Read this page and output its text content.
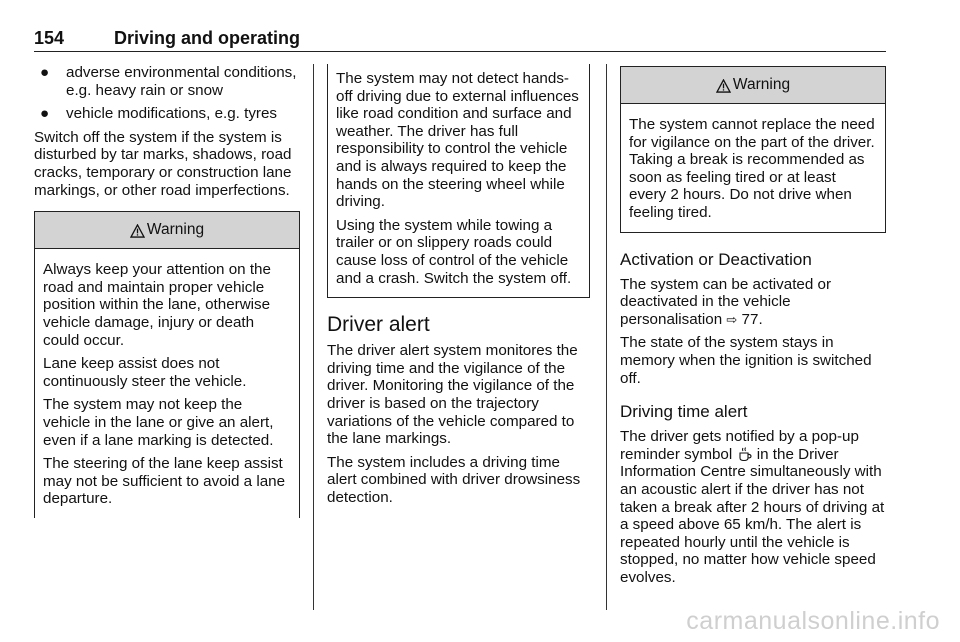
154	Driving and operating
● adverse environmental conditions, e.g. heavy rain or snow
● vehicle modifications, e.g. tyres

Switch off the system if the system is disturbed by tar marks, shadows, road cracks, temporary or construction lane markings, or other road imperfections.

Warning

Always keep your attention on the road and maintain proper vehicle position within the lane, otherwise vehicle damage, injury or death could occur.

Lane keep assist does not continuously steer the vehicle.

The system may not keep the vehicle in the lane or give an alert, even if a lane marking is detected.

The steering of the lane keep assist may not be sufficient to avoid a lane departure.

The system may not detect hands-off driving due to external influences like road condition and surface and weather. The driver has full responsibility to control the vehicle and is always required to keep the hands on the steering wheel while driving.

Using the system while towing a trailer or on slippery roads could cause loss of control of the vehicle and a crash. Switch the system off.

Driver alert

The driver alert system monitores the driving time and the vigilance of the driver. Monitoring the vigilance of the driver is based on the trajectory variations of the vehicle compared to the lane markings.

The system includes a driving time alert combined with driver drowsiness detection.

Warning

The system cannot replace the need for vigilance on the part of the driver. Taking a break is recommended as soon as feeling tired or at least every 2 hours. Do not drive when feeling tired.

Activation or Deactivation

The system can be activated or deactivated in the vehicle personalisation ⇨ 77.

The state of the system stays in memory when the ignition is switched off.

Driving time alert

The driver gets notified by a pop-up reminder symbol in the Driver Information Centre simultaneously with an acoustic alert if the driver has not taken a break after 2 hours of driving at a speed above 65 km/h. The alert is repeated hourly until the vehicle is stopped, no matter how vehicle speed evolves.

carmanualsonline.info
